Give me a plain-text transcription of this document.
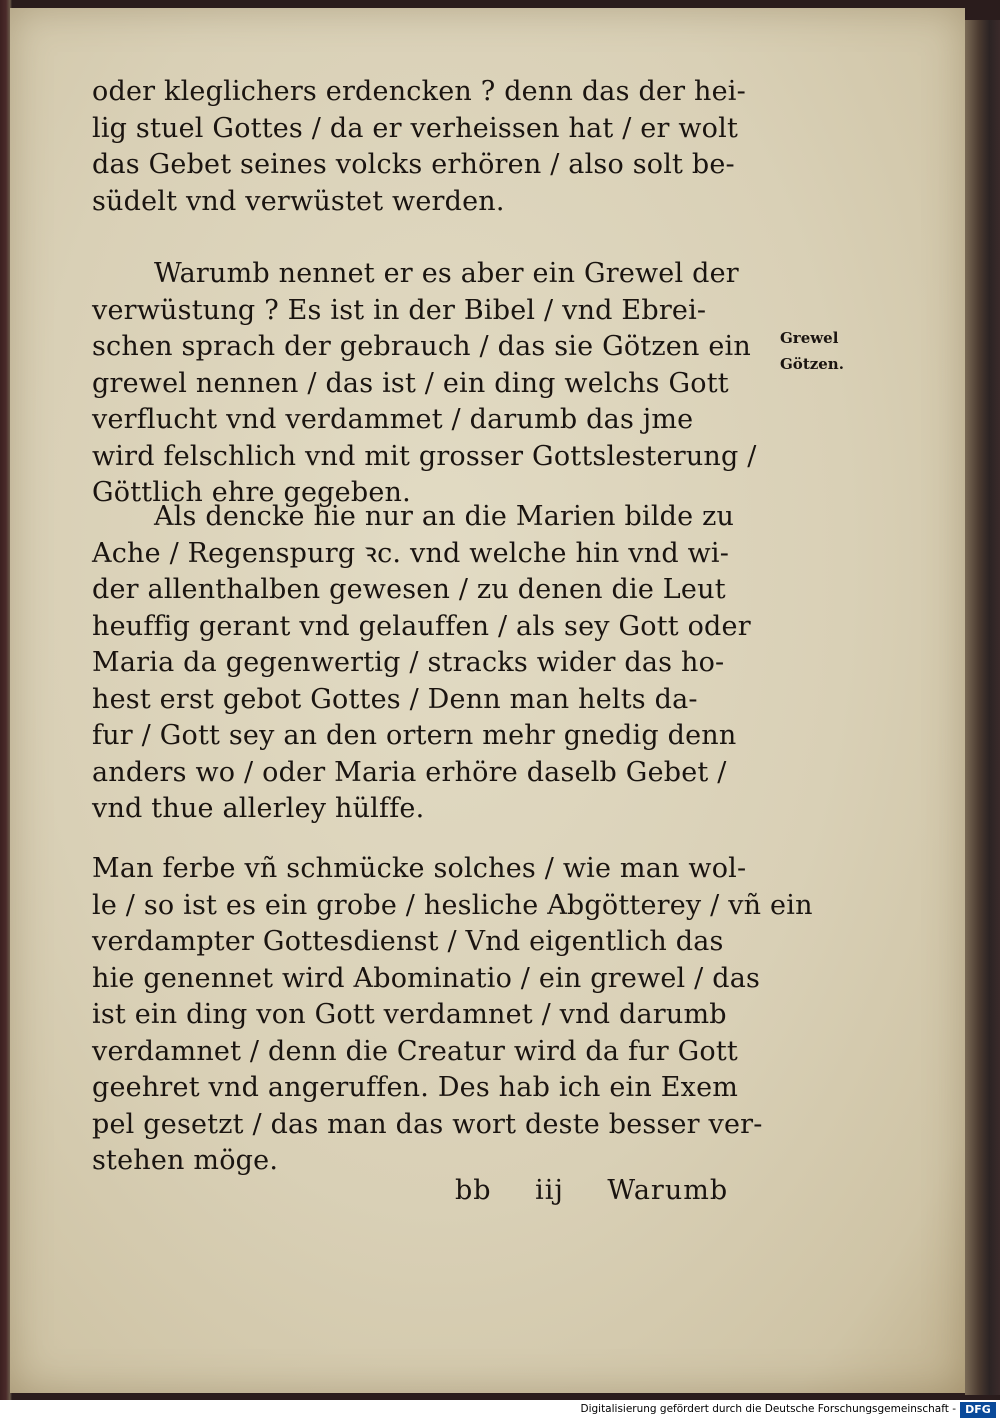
oder kleglichers erdencken ? denn das der hei-
lig stuel Gottes / da er verheissen hat / er wolt
das Gebet seines volcks erhören / also solt be-
südelt vnd verwüstet werden.
Warumb nennet er es aber ein Grewel der
verwüstung ? Es ist in der Bibel / vnd Ebrei-
schen sprach der gebrauch / das sie Götzen ein
grewel nennen / das ist / ein ding welchs Gott
verflucht vnd verdammet / darumb das jme
wird felschlich vnd mit grosser Gottslesterung /
Göttlich ehre gegeben.
Als dencke hie nur an die Marien bilde zu
Ache / Regenspurg ꝛc. vnd welche hin vnd wi-
der allenthalben gewesen / zu denen die Leut
heuffig gerant vnd gelauffen / als sey Gott oder
Maria da gegenwertig / stracks wider das ho-
hest erst gebot Gottes / Denn man helts da-
fur / Gott sey an den ortern mehr gnedig denn
anders wo / oder Maria erhöre daselb Gebet /
vnd thue allerley hülffe.
Man ferbe vñ schmücke solches / wie man wol-
le / so ist es ein grobe / hesliche Abgötterey / vñ ein
verdampter Gottesdienst / Vnd eigentlich das
hie genennet wird Abominatio / ein grewel / das
ist ein ding von Gott verdamnet / vnd darumb
verdamnet / denn die Creatur wird da fur Gott
geehret vnd angeruffen. Des hab ich ein Exem
pel gesetzt / das man das wort deste besser ver-
stehen möge.
Grewel
Götzen.
bb iij Warumb
Digitalisierung gefördert durch die Deutsche Forschungsgemeinschaft - DFG
